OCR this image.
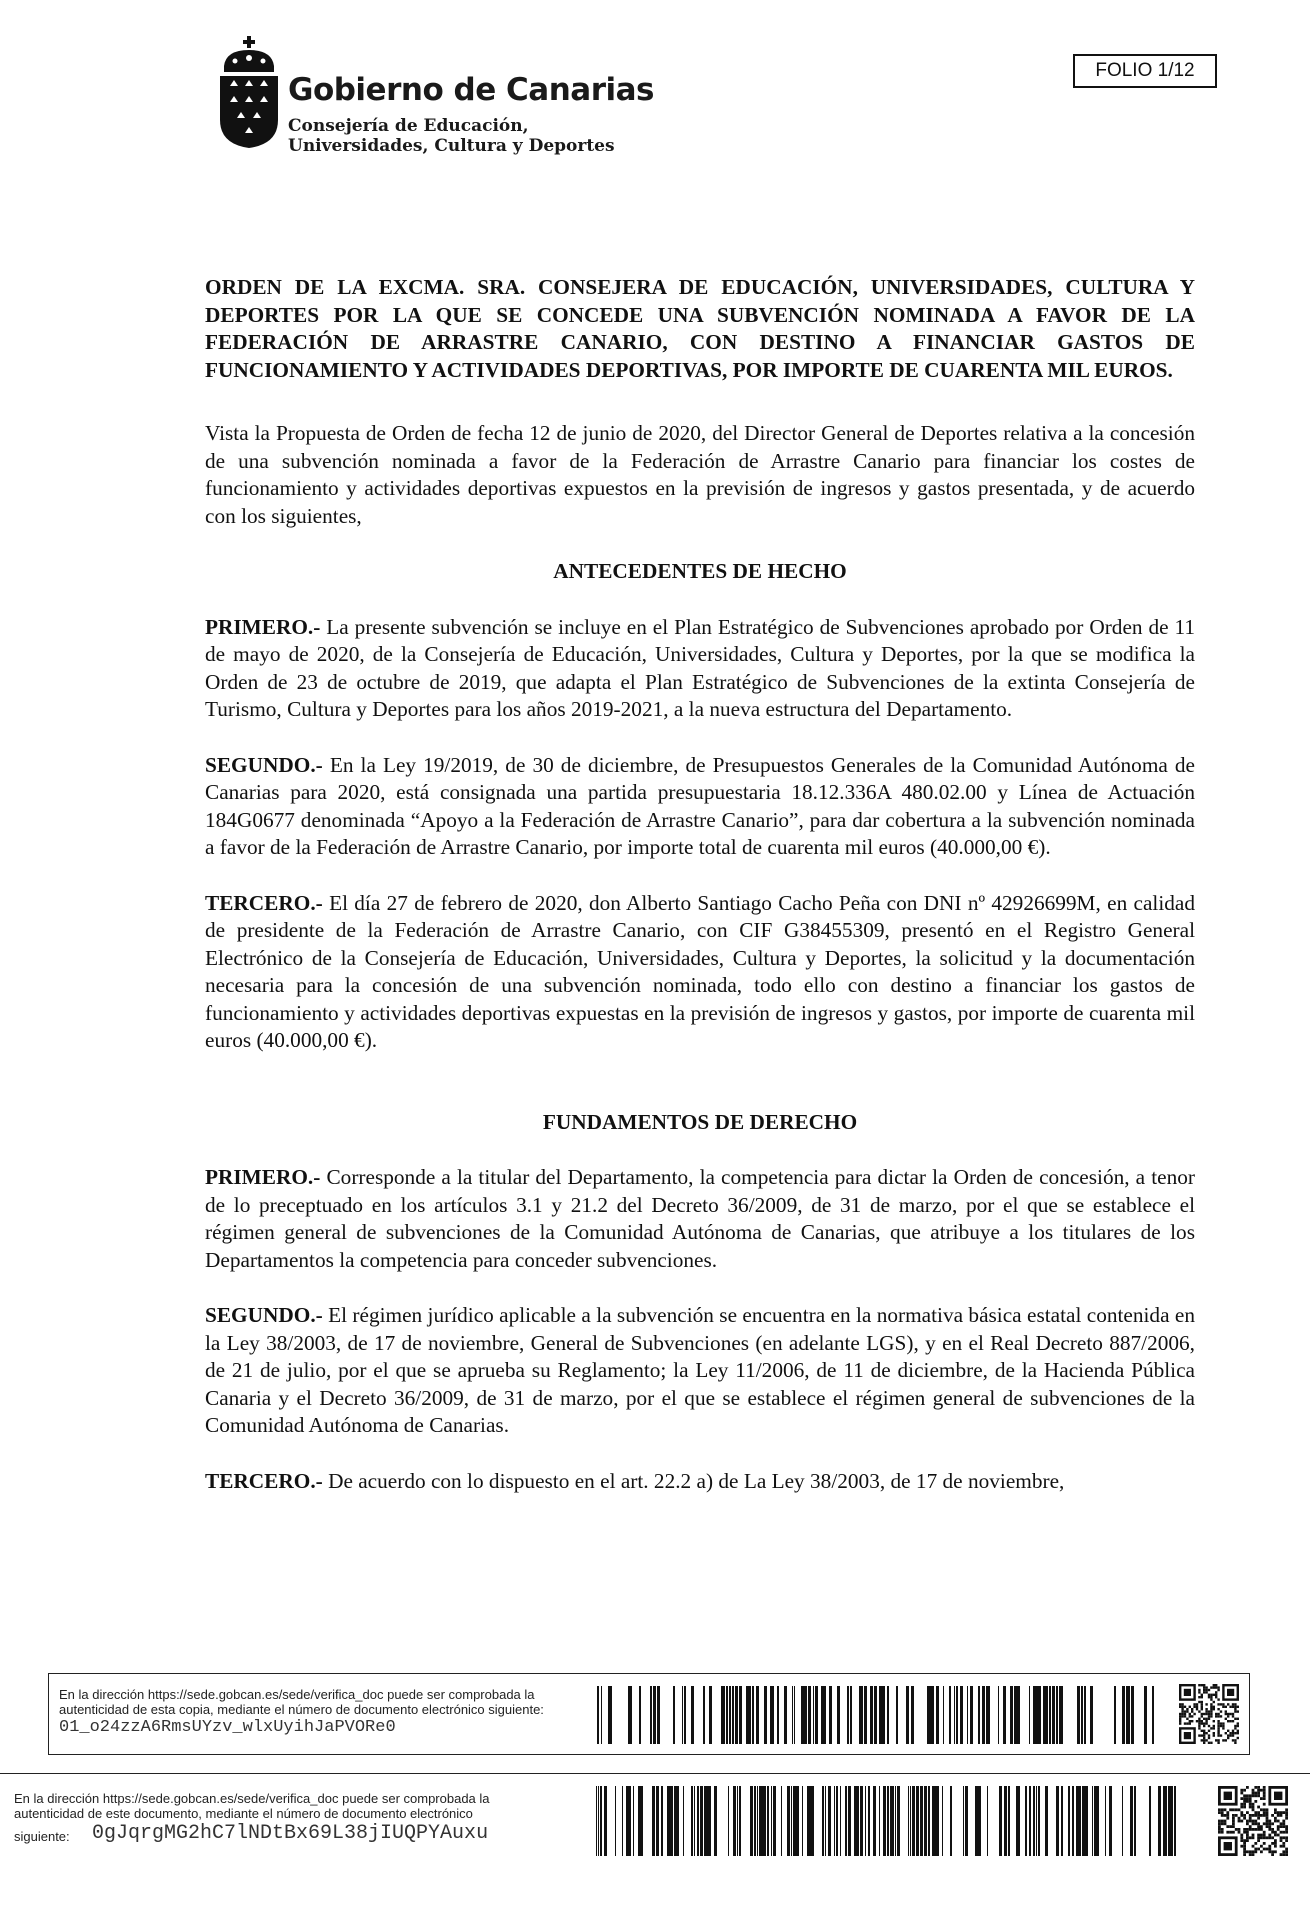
Gobierno de Canarias
Consejería de Educación,
Universidades, Cultura y Deportes
FOLIO 1/12

ORDEN DE LA EXCMA. SRA. CONSEJERA DE EDUCACIÓN, UNIVERSIDADES, CULTURA Y DEPORTES POR LA QUE SE CONCEDE UNA SUBVENCIÓN NOMINADA A FAVOR DE LA FEDERACIÓN DE ARRASTRE CANARIO, CON DESTINO A FINANCIAR GASTOS DE FUNCIONAMIENTO Y ACTIVIDADES DEPORTIVAS, POR IMPORTE DE CUARENTA MIL EUROS.

Vista la Propuesta de Orden de fecha 12 de junio de 2020, del Director General de Deportes relativa a la concesión de una subvención nominada a favor de la Federación de Arrastre Canario para financiar los costes de funcionamiento y actividades deportivas expuestos en la previsión de ingresos y gastos presentada, y de acuerdo con los siguientes,

ANTECEDENTES DE HECHO

PRIMERO.- La presente subvención se incluye en el Plan Estratégico de Subvenciones aprobado por Orden de 11 de mayo de 2020, de la Consejería de Educación, Universidades, Cultura y Deportes, por la que se modifica la Orden de 23 de octubre de 2019, que adapta el Plan Estratégico de Subvenciones de la extinta Consejería de Turismo, Cultura y Deportes para los años 2019-2021, a la nueva estructura del Departamento.

SEGUNDO.- En la Ley 19/2019, de 30 de diciembre, de Presupuestos Generales de la Comunidad Autónoma de Canarias para 2020, está consignada una partida presupuestaria 18.12.336A 480.02.00 y Línea de Actuación 184G0677 denominada “Apoyo a la Federación de Arrastre Canario”, para dar cobertura a la subvención nominada a favor de la Federación de Arrastre Canario, por importe total de cuarenta mil euros (40.000,00 €).

TERCERO.- El día 27 de febrero de 2020, don Alberto Santiago Cacho Peña con DNI nº 42926699M, en calidad de presidente de la Federación de Arrastre Canario, con CIF G38455309, presentó en el Registro General Electrónico de la Consejería de Educación, Universidades, Cultura y Deportes, la solicitud y la documentación necesaria para la concesión de una subvención nominada, todo ello con destino a financiar los gastos de funcionamiento y actividades deportivas expuestas en la previsión de ingresos y gastos, por importe de cuarenta mil euros (40.000,00 €).

FUNDAMENTOS DE DERECHO

PRIMERO.- Corresponde a la titular del Departamento, la competencia para dictar la Orden de concesión, a tenor de lo preceptuado en los artículos 3.1 y 21.2 del Decreto 36/2009, de 31 de marzo, por el que se establece el régimen general de subvenciones de la Comunidad Autónoma de Canarias, que atribuye a los titulares de los Departamentos la competencia para conceder subvenciones.

SEGUNDO.- El régimen jurídico aplicable a la subvención se encuentra en la normativa básica estatal contenida en la Ley 38/2003, de 17 de noviembre, General de Subvenciones (en adelante LGS), y en el Real Decreto 887/2006, de 21 de julio, por el que se aprueba su Reglamento; la Ley 11/2006, de 11 de diciembre, de la Hacienda Pública Canaria y el Decreto 36/2009, de 31 de marzo, por el que se establece el régimen general de subvenciones de la Comunidad Autónoma de Canarias.

TERCERO.- De acuerdo con lo dispuesto en el art. 22.2 a) de La Ley 38/2003, de 17 de noviembre,

En la dirección https://sede.gobcan.es/sede/verifica_doc puede ser comprobada la
autenticidad de esta copia, mediante el número de documento electrónico siguiente:
01_o24zzA6RmsUYzv_wlxUyihJaPVORe0
En la dirección https://sede.gobcan.es/sede/verifica_doc puede ser comprobada la
autenticidad de este documento, mediante el número de documento electrónico
siguiente: 0gJqrgMG2hC7lNDtBx69L38jIUQPYAuxu
